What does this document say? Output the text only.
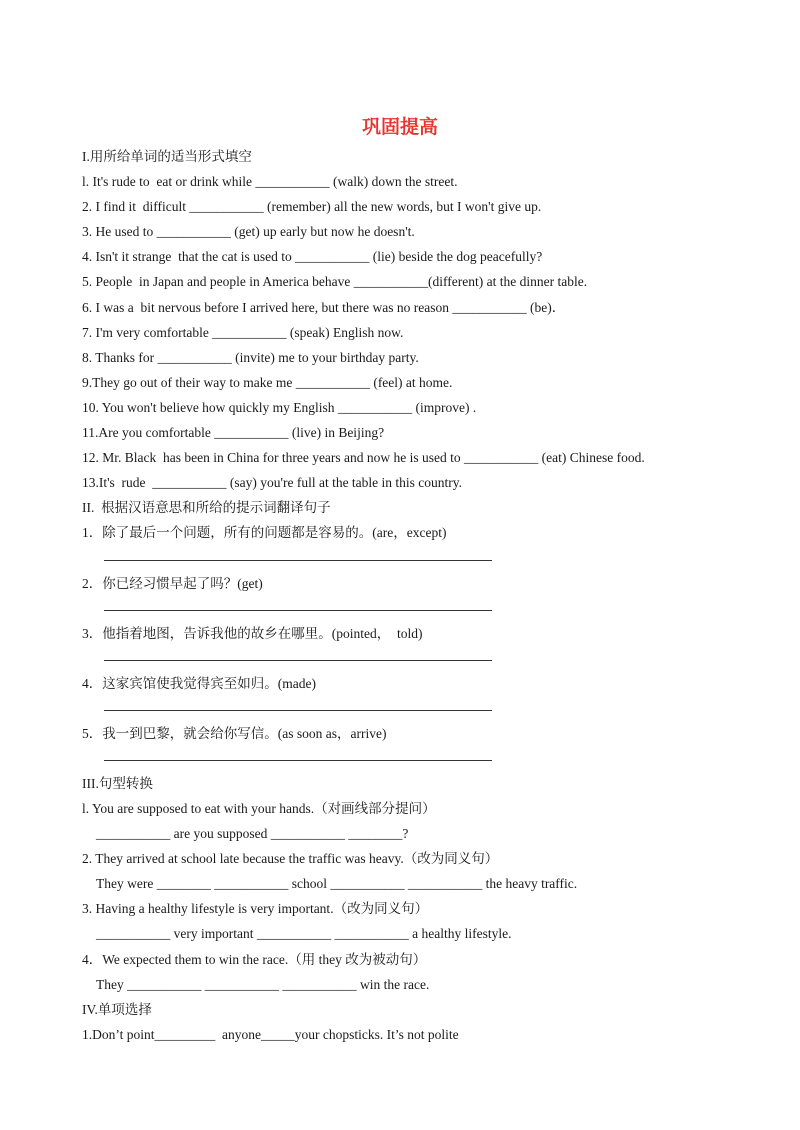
巩固提高
I.用所给单词的适当形式填空
l. It's rude to  eat or drink while ___________ (walk) down the street.
2. I find it  difficult ___________ (remember) all the new words, but I won't give up.
3. He used to ___________ (get) up early but now he doesn't.
4. Isn't it strange  that the cat is used to ___________ (lie) beside the dog peacefully?
5. People  in Japan and people in America behave ___________(different) at the dinner table.
6. I was a  bit nervous before I arrived here, but there was no reason ___________ (be)．
7. I'm very comfortable ___________ (speak) English now.
8. Thanks for ___________ (invite) me to your birthday party.
9.They go out of their way to make me ___________ (feel) at home.
10. You won't believe how quickly my English ___________ (improve) .
11.Are you comfortable ___________ (live) in Beijing?
12. Mr. Black  has been in China for three years and now he is used to ___________ (eat) Chinese food.
13.It's  rude  ___________ (say) you're full at the table in this country.
II.  根据汉语意思和所给的提示词翻译句子
1．除了最后一个问题，所有的问题都是容易的。(are，except)
2．你已经习惯早起了吗？(get)
3．他指着地图，告诉我他的故乡在哪里。(pointed，  told)
4．这家宾馆使我觉得宾至如归。(made)
5．我一到巴黎，就会给你写信。(as soon as，arrive)
III.句型转换
l. You are supposed to eat with your hands.（对画线部分提问）
___________ are you supposed ___________ ________?
2. They arrived at school late because the traffic was heavy.（改为同义句）
They were ________ ___________ school ___________ ___________ the heavy traffic.
3. Having a healthy lifestyle is very important.（改为同义句）
___________ very important ___________ ___________ a healthy lifestyle.
4．We expected them to win the race.（用 they 改为被动句）
They ___________ ___________ ___________ win the race.
IV.单项选择
1.Don’t point_________  anyone_____your chopsticks. It’s not polite
